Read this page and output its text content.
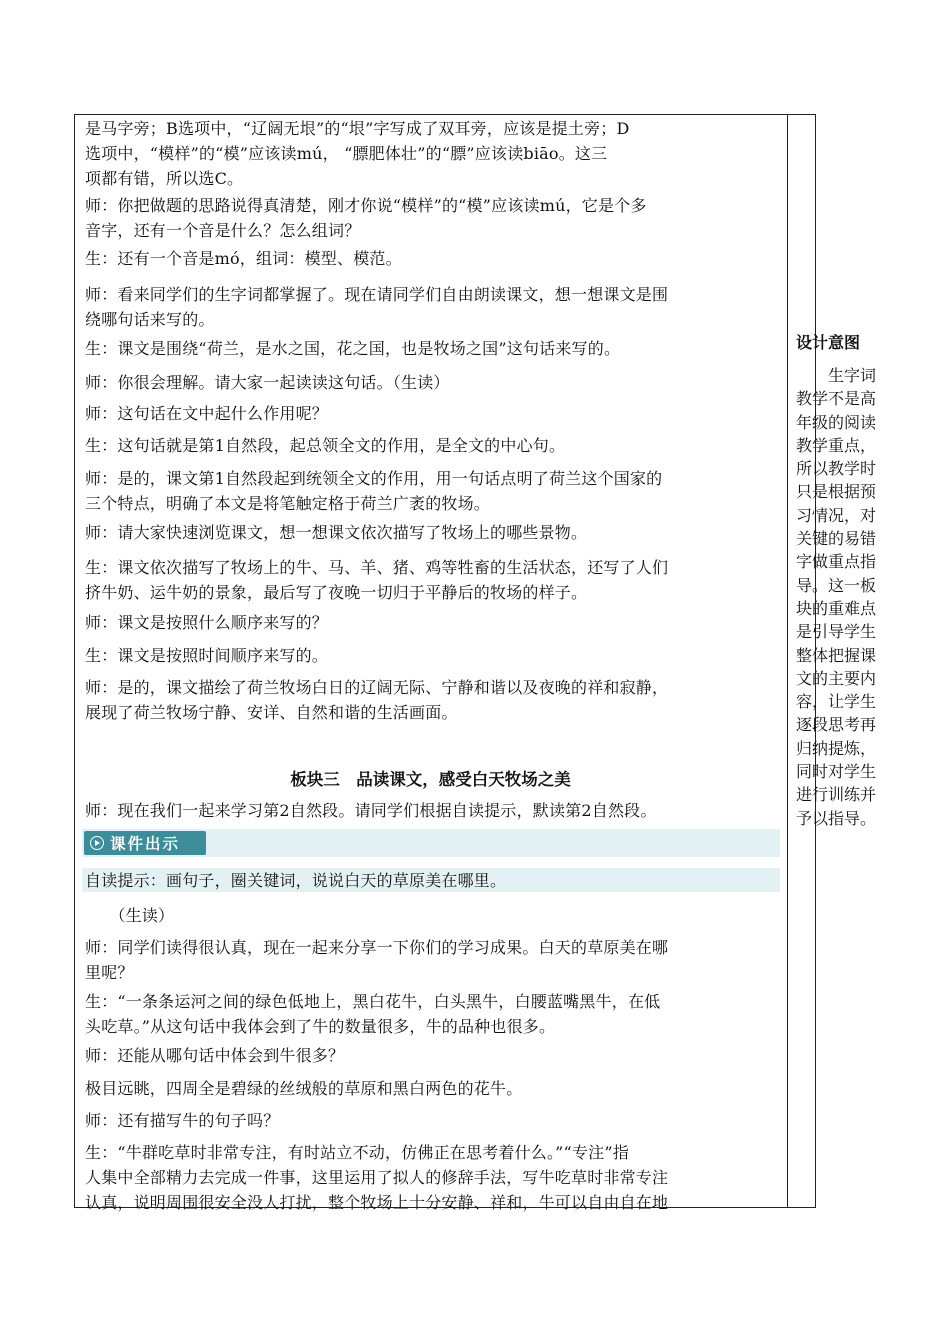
是马字旁；B选项中，“辽阔无垠”的“垠”字写成了双耳旁，应该是提土旁；D
选项中，“模样”的“模”应该读mú， “膘肥体壮”的“膘”应该读biāo。这三
项都有错，所以选C。

师：你把做题的思路说得真清楚，刚才你说“模样”的“模”应该读mú，它是个多
音字，还有一个音是什么？怎么组词？

生：还有一个音是mó，组词：模型、模范。

师：看来同学们的生字词都掌握了。现在请同学们自由朗读课文，想一想课文是围
绕哪句话来写的。

生：课文是围绕“荷兰，是水之国，花之国，也是牧场之国”这句话来写的。

师：你很会理解。请大家一起读读这句话。（生读）

师：这句话在文中起什么作用呢？

生：这句话就是第1自然段，起总领全文的作用，是全文的中心句。

师：是的，课文第1自然段起到统领全文的作用，用一句话点明了荷兰这个国家的
三个特点，明确了本文是将笔触定格于荷兰广袤的牧场。

师：请大家快速浏览课文，想一想课文依次描写了牧场上的哪些景物。

生：课文依次描写了牧场上的牛、马、羊、猪、鸡等牲畜的生活状态，还写了人们
挤牛奶、运牛奶的景象，最后写了夜晚一切归于平静后的牧场的样子。

师：课文是按照什么顺序来写的？

生：课文是按照时间顺序来写的。

师：是的，课文描绘了荷兰牧场白日的辽阔无际、宁静和谐以及夜晚的祥和寂静，
展现了荷兰牧场宁静、安详、自然和谐的生活画面。

板块三　品读课文，感受白天牧场之美

师：现在我们一起来学习第2自然段。请同学们根据自读提示，默读第2自然段。

课件出示

自读提示：画句子，圈关键词，说说白天的草原美在哪里。

　　（生读）

师：同学们读得很认真，现在一起来分享一下你们的学习成果。白天的草原美在哪
里呢？

生：“一条条运河之间的绿色低地上，黑白花牛，白头黑牛，白腰蓝嘴黑牛，在低
头吃草。”从这句话中我体会到了牛的数量很多，牛的品种也很多。

师：还能从哪句话中体会到牛很多？

极目远眺，四周全是碧绿的丝绒般的草原和黑白两色的花牛。

师：还有描写牛的句子吗？

生：“牛群吃草时非常专注，有时站立不动，仿佛正在思考着什么。”“专注”指
人集中全部精力去完成一件事，这里运用了拟人的修辞手法，写牛吃草时非常专注
认真，说明周围很安全没人打扰，整个牧场上十分安静、祥和，牛可以自由自在地

设计意图
　　生字词教学不是高年级的阅读教学重点，所以教学时只是根据预习情况，对关键的易错字做重点指导。这一板块的重难点是引导学生整体把握课文的主要内容，让学生逐段思考再归纳提炼，同时对学生进行训练并予以指导。
